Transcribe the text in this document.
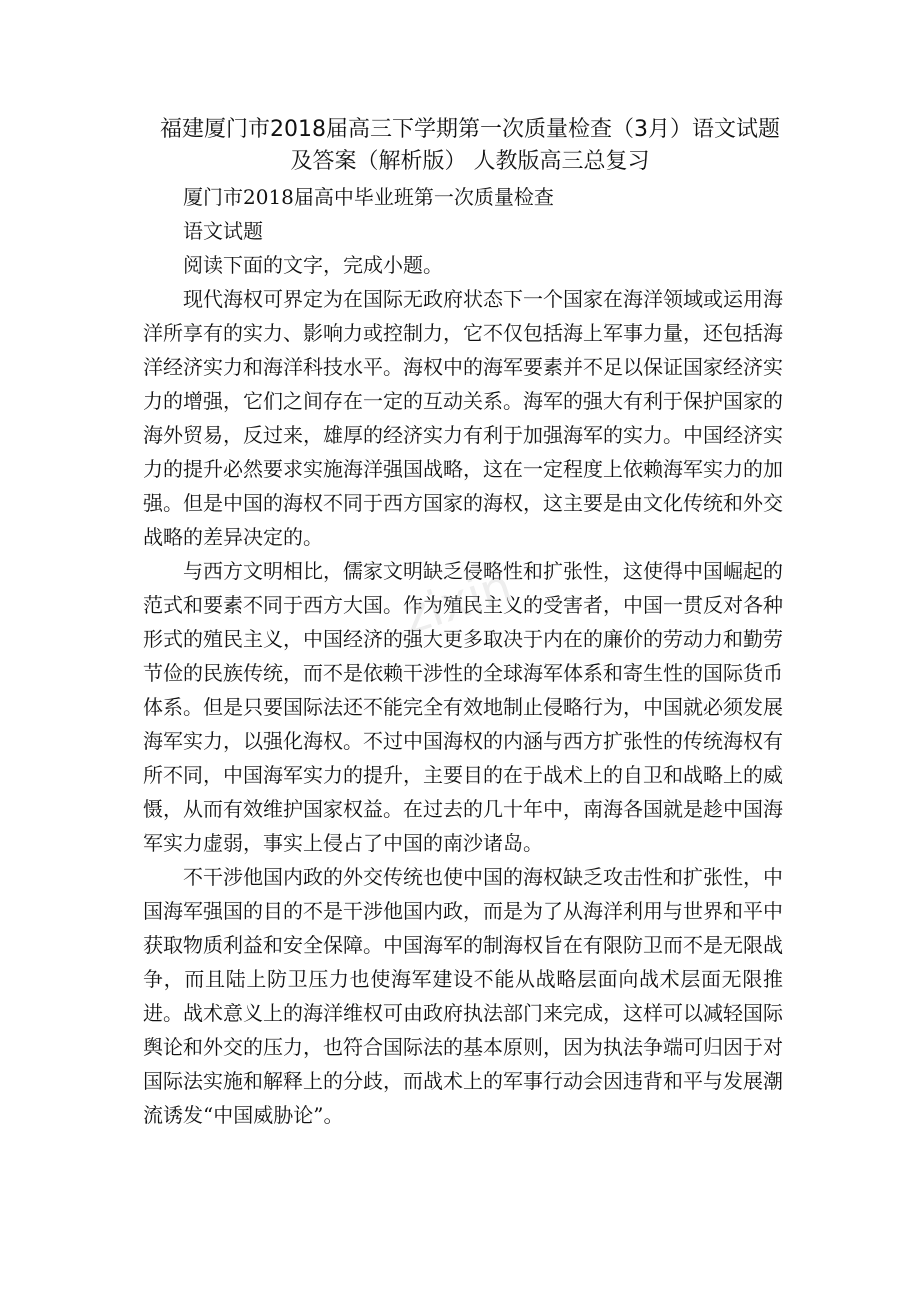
福建厦门市2018届高三下学期第一次质量检查（3月）语文试题及答案（解析版） 人教版高三总复习

厦门市2018届高中毕业班第一次质量检查

语文试题

阅读下面的文字，完成小题。

现代海权可界定为在国际无政府状态下一个国家在海洋领域或运用海洋所享有的实力、影响力或控制力，它不仅包括海上军事力量，还包括海洋经济实力和海洋科技水平。海权中的海军要素并不足以保证国家经济实力的增强，它们之间存在一定的互动关系。海军的强大有利于保护国家的海外贸易，反过来，雄厚的经济实力有利于加强海军的实力。中国经济实力的提升必然要求实施海洋强国战略，这在一定程度上依赖海军实力的加强。但是中国的海权不同于西方国家的海权，这主要是由文化传统和外交战略的差异决定的。

与西方文明相比，儒家文明缺乏侵略性和扩张性，这使得中国崛起的范式和要素不同于西方大国。作为殖民主义的受害者，中国一贯反对各种形式的殖民主义，中国经济的强大更多取决于内在的廉价的劳动力和勤劳节俭的民族传统，而不是依赖干涉性的全球海军体系和寄生性的国际货币体系。但是只要国际法还不能完全有效地制止侵略行为，中国就必须发展海军实力，以强化海权。不过中国海权的内涵与西方扩张性的传统海权有所不同，中国海军实力的提升，主要目的在于战术上的自卫和战略上的威慑，从而有效维护国家权益。在过去的几十年中，南海各国就是趁中国海军实力虚弱，事实上侵占了中国的南沙诸岛。

不干涉他国内政的外交传统也使中国的海权缺乏攻击性和扩张性，中国海军强国的目的不是干涉他国内政，而是为了从海洋利用与世界和平中获取物质利益和安全保障。中国海军的制海权旨在有限防卫而不是无限战争，而且陆上防卫压力也使海军建设不能从战略层面向战术层面无限推进。战术意义上的海洋维权可由政府执法部门来完成，这样可以减轻国际舆论和外交的压力，也符合国际法的基本原则，因为执法争端可归因于对国际法实施和解释上的分歧，而战术上的军事行动会因违背和平与发展潮流诱发“中国威胁论”。

zixin
